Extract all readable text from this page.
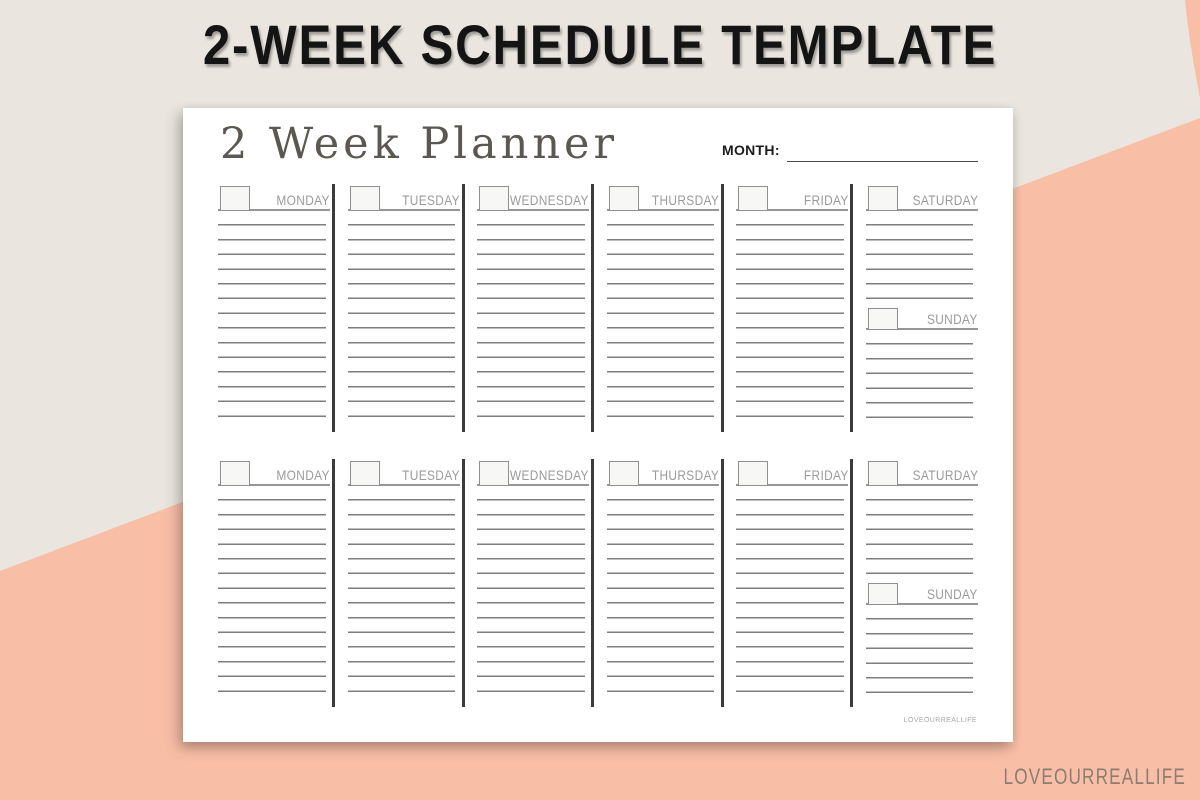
2-WEEK SCHEDULE TEMPLATE
2 Week Planner	MONTH:
MONDAY	TUESDAY	WEDNESDAY	THURSDAY	FRIDAY	SATURDAY
SUNDAY
MONDAY	TUESDAY	WEDNESDAY	THURSDAY	FRIDAY	SATURDAY
SUNDAY
LOVEOURREALLIFE
LOVEOURREALLIFE
